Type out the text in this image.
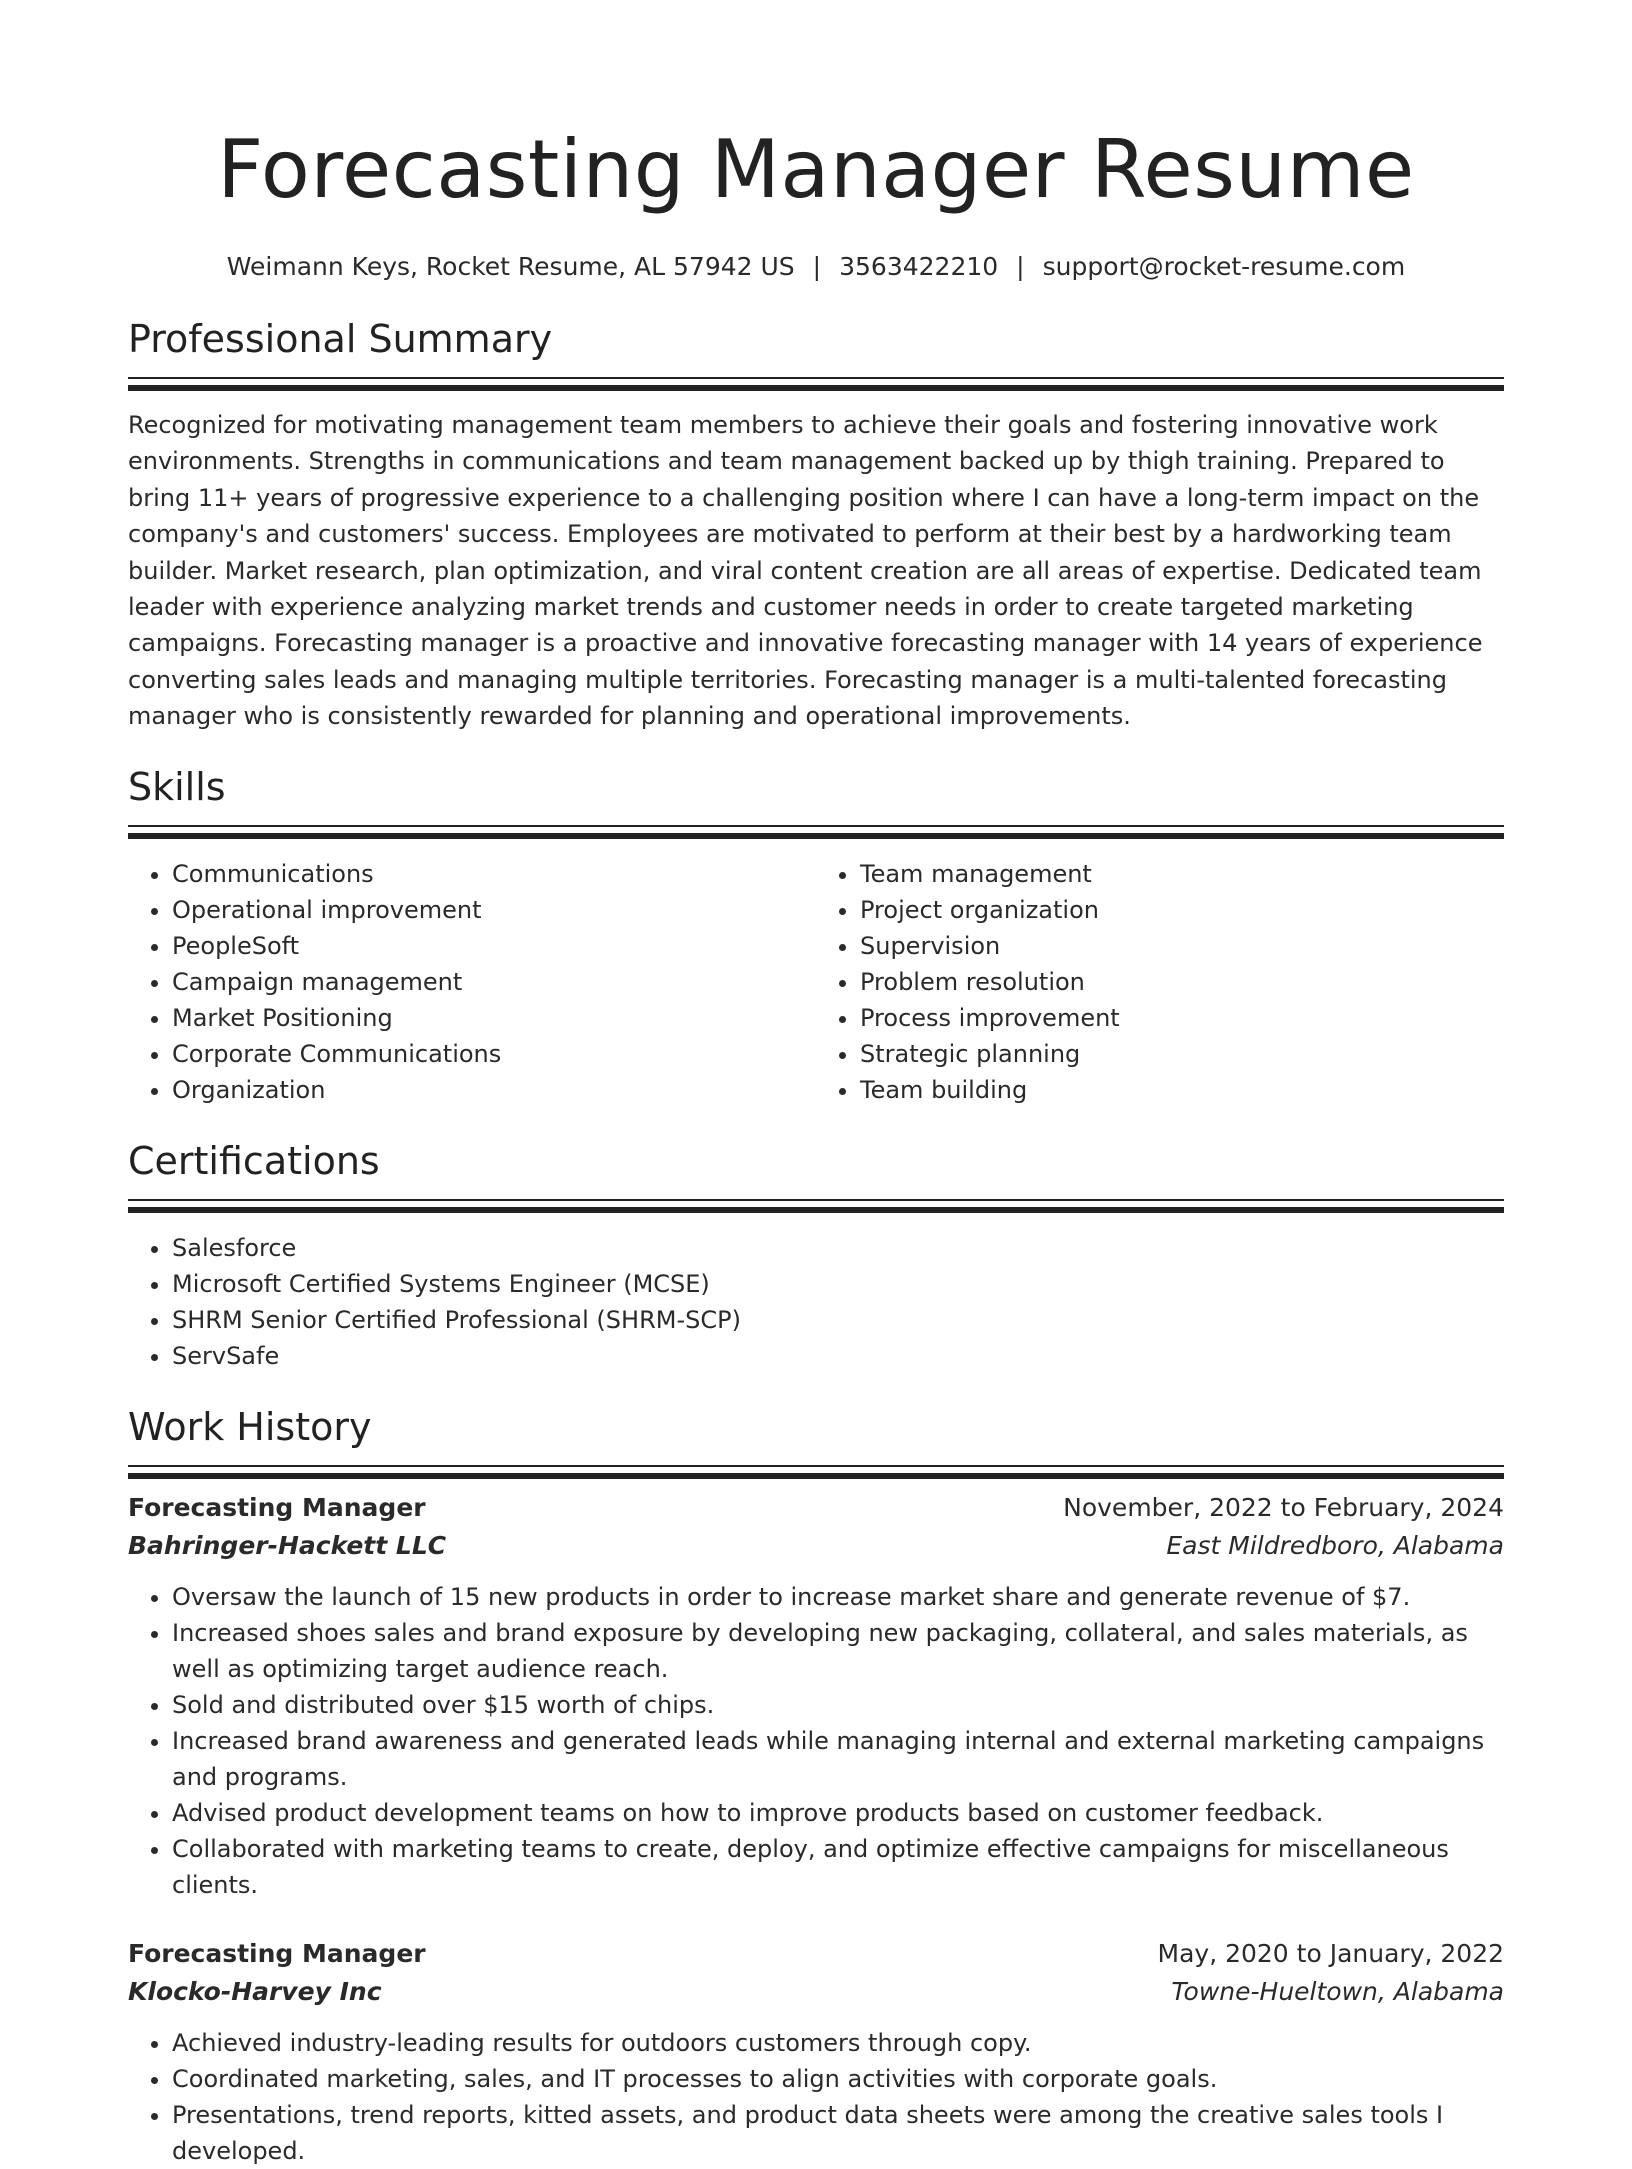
Forecasting Manager Resume
Weimann Keys, Rocket Resume, AL 57942 US | 3563422210 | support@rocket-resume.com
Professional Summary
Recognized for motivating management team members to achieve their goals and fostering innovative work environments. Strengths in communications and team management backed up by thigh training. Prepared to bring 11+ years of progressive experience to a challenging position where I can have a long-term impact on the company's and customers' success. Employees are motivated to perform at their best by a hardworking team builder. Market research, plan optimization, and viral content creation are all areas of expertise. Dedicated team leader with experience analyzing market trends and customer needs in order to create targeted marketing campaigns. Forecasting manager is a proactive and innovative forecasting manager with 14 years of experience converting sales leads and managing multiple territories. Forecasting manager is a multi-talented forecasting manager who is consistently rewarded for planning and operational improvements.
Skills
• Communications
• Operational improvement
• PeopleSoft
• Campaign management
• Market Positioning
• Corporate Communications
• Organization
• Team management
• Project organization
• Supervision
• Problem resolution
• Process improvement
• Strategic planning
• Team building
Certifications
• Salesforce
• Microsoft Certified Systems Engineer (MCSE)
• SHRM Senior Certified Professional (SHRM-SCP)
• ServSafe
Work History
Forecasting Manager	November, 2022 to February, 2024
Bahringer-Hackett LLC	East Mildredboro, Alabama
• Oversaw the launch of 15 new products in order to increase market share and generate revenue of $7.
• Increased shoes sales and brand exposure by developing new packaging, collateral, and sales materials, as well as optimizing target audience reach.
• Sold and distributed over $15 worth of chips.
• Increased brand awareness and generated leads while managing internal and external marketing campaigns and programs.
• Advised product development teams on how to improve products based on customer feedback.
• Collaborated with marketing teams to create, deploy, and optimize effective campaigns for miscellaneous clients.
Forecasting Manager	May, 2020 to January, 2022
Klocko-Harvey Inc	Towne-Hueltown, Alabama
• Achieved industry-leading results for outdoors customers through copy.
• Coordinated marketing, sales, and IT processes to align activities with corporate goals.
• Presentations, trend reports, kitted assets, and product data sheets were among the creative sales tools I developed.
